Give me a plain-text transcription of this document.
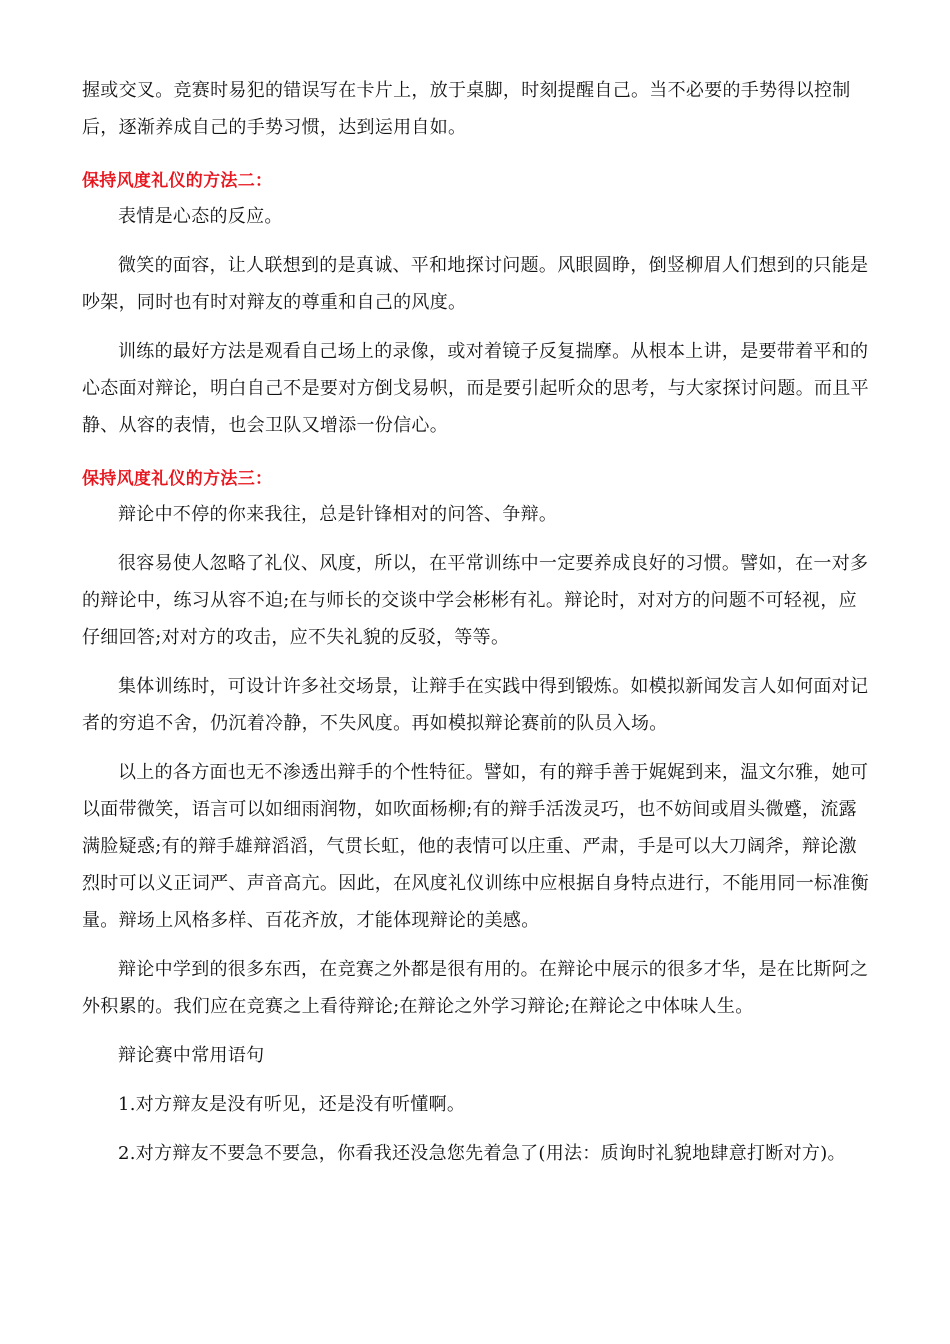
握或交叉。竞赛时易犯的错误写在卡片上，放于桌脚，时刻提醒自己。当不必要的手势得以控制后，逐渐养成自己的手势习惯，达到运用自如。

保持风度礼仪的方法二：

表情是心态的反应。

微笑的面容，让人联想到的是真诚、平和地探讨问题。风眼圆睁，倒竖柳眉人们想到的只能是吵架，同时也有时对辩友的尊重和自己的风度。

训练的最好方法是观看自己场上的录像，或对着镜子反复揣摩。从根本上讲，是要带着平和的心态面对辩论，明白自己不是要对方倒戈易帜，而是要引起听众的思考，与大家探讨问题。而且平静、从容的表情，也会卫队又增添一份信心。

保持风度礼仪的方法三：

辩论中不停的你来我往，总是针锋相对的问答、争辩。

很容易使人忽略了礼仪、风度，所以，在平常训练中一定要养成良好的习惯。譬如，在一对多的辩论中，练习从容不迫;在与师长的交谈中学会彬彬有礼。辩论时，对对方的问题不可轻视，应仔细回答;对对方的攻击，应不失礼貌的反驳，等等。

集体训练时，可设计许多社交场景，让辩手在实践中得到锻炼。如模拟新闻发言人如何面对记者的穷追不舍，仍沉着冷静，不失风度。再如模拟辩论赛前的队员入场。

以上的各方面也无不渗透出辩手的个性特征。譬如，有的辩手善于娓娓到来，温文尔雅，她可以面带微笑，语言可以如细雨润物，如吹面杨柳;有的辩手活泼灵巧，也不妨间或眉头微蹙，流露满脸疑惑;有的辩手雄辩滔滔，气贯长虹，他的表情可以庄重、严肃，手是可以大刀阔斧，辩论激烈时可以义正词严、声音高亢。因此，在风度礼仪训练中应根据自身特点进行，不能用同一标准衡量。辩场上风格多样、百花齐放，才能体现辩论的美感。

辩论中学到的很多东西，在竞赛之外都是很有用的。在辩论中展示的很多才华，是在比斯阿之外积累的。我们应在竞赛之上看待辩论;在辩论之外学习辩论;在辩论之中体味人生。

辩论赛中常用语句

1.对方辩友是没有听见，还是没有听懂啊。

2.对方辩友不要急不要急，你看我还没急您先着急了(用法：质询时礼貌地肆意打断对方)。
